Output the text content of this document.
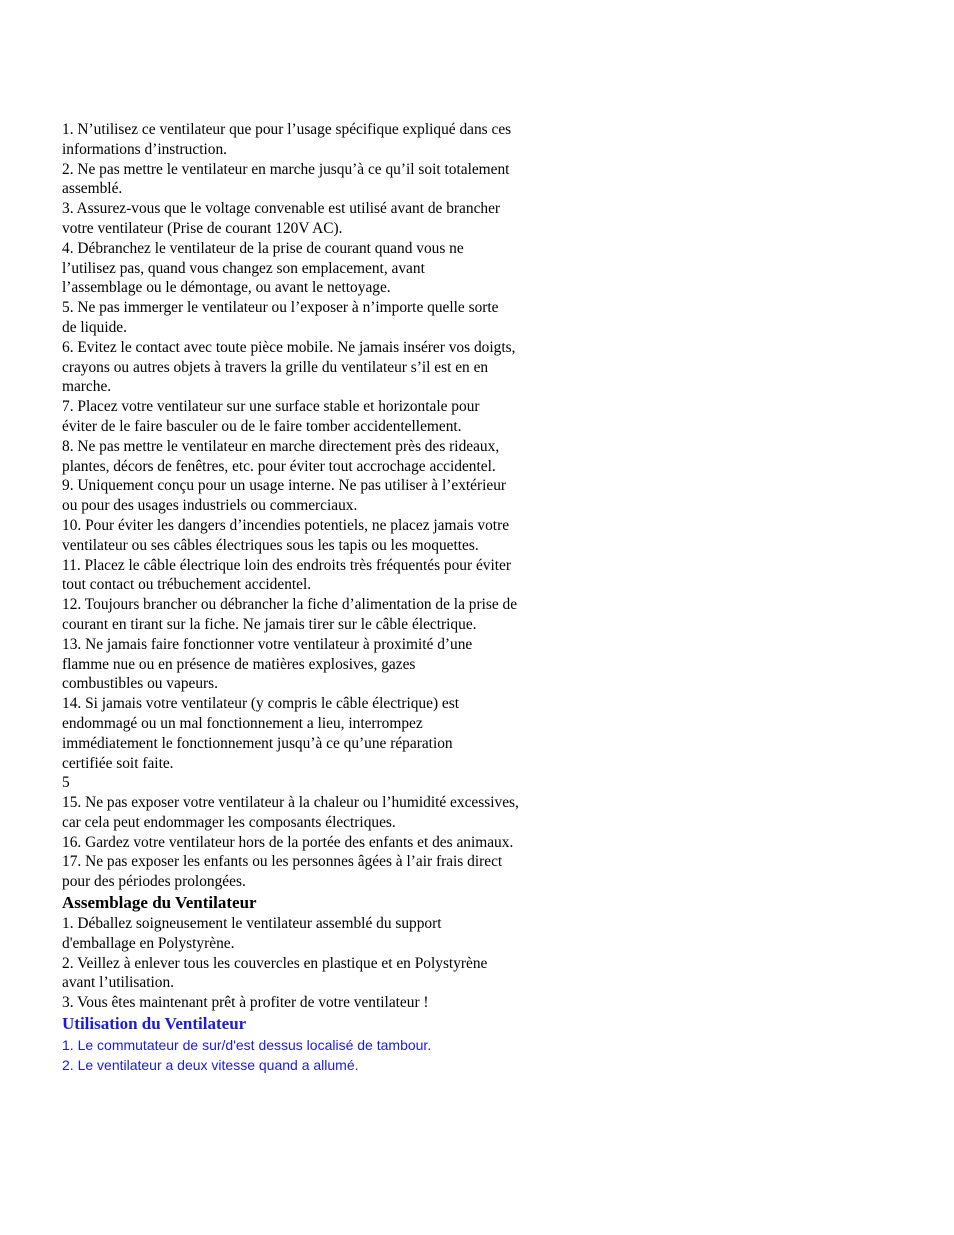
1. N’utilisez ce ventilateur que pour l’usage spécifique expliqué dans ces
informations d’instruction.
2. Ne pas mettre le ventilateur en marche jusqu’à ce qu’il soit totalement
assemblé.
3. Assurez-vous que le voltage convenable est utilisé avant de brancher
votre ventilateur (Prise de courant 120V AC).
4. Débranchez le ventilateur de la prise de courant quand vous ne
l’utilisez pas, quand vous changez son emplacement, avant
l’assemblage ou le démontage, ou avant le nettoyage.
5. Ne pas immerger le ventilateur ou l’exposer à n’importe quelle sorte
de liquide.
6. Evitez le contact avec toute pièce mobile. Ne jamais insérer vos doigts,
crayons ou autres objets à travers la grille du ventilateur s’il est en en
marche.
7. Placez votre ventilateur sur une surface stable et horizontale pour
éviter de le faire basculer ou de le faire tomber accidentellement.
8. Ne pas mettre le ventilateur en marche directement près des rideaux,
plantes, décors de fenêtres, etc. pour éviter tout accrochage accidentel.
9. Uniquement conçu pour un usage interne. Ne pas utiliser à l’extérieur
ou pour des usages industriels ou commerciaux.
10. Pour éviter les dangers d’incendies potentiels, ne placez jamais votre
ventilateur ou ses câbles électriques sous les tapis ou les moquettes.
11. Placez le câble électrique loin des endroits très fréquentés pour éviter
tout contact ou trébuchement accidentel.
12. Toujours brancher ou débrancher la fiche d’alimentation de la prise de
courant en tirant sur la fiche. Ne jamais tirer sur le câble électrique.
13. Ne jamais faire fonctionner votre ventilateur à proximité d’une
flamme nue ou en présence de matières explosives, gazes
combustibles ou vapeurs.
14. Si jamais votre ventilateur (y compris le câble électrique) est
endommagé ou un mal fonctionnement a lieu, interrompez
immédiatement le fonctionnement jusqu’à ce qu’une réparation
certifiée soit faite.
5
15. Ne pas exposer votre ventilateur à la chaleur ou l’humidité excessives,
car cela peut endommager les composants électriques.
16. Gardez votre ventilateur hors de la portée des enfants et des animaux.
17. Ne pas exposer les enfants ou les personnes âgées à l’air frais direct
pour des périodes prolongées.
Assemblage du Ventilateur
1. Déballez soigneusement le ventilateur assemblé du support
d'emballage en Polystyrène.
2. Veillez à enlever tous les couvercles en plastique et en Polystyrène
avant l’utilisation.
3. Vous êtes maintenant prêt à profiter de votre ventilateur !
Utilisation du Ventilateur
1. Le commutateur de sur/d'est dessus localisé de tambour.
2. Le ventilateur a deux vitesse quand a allumé.
